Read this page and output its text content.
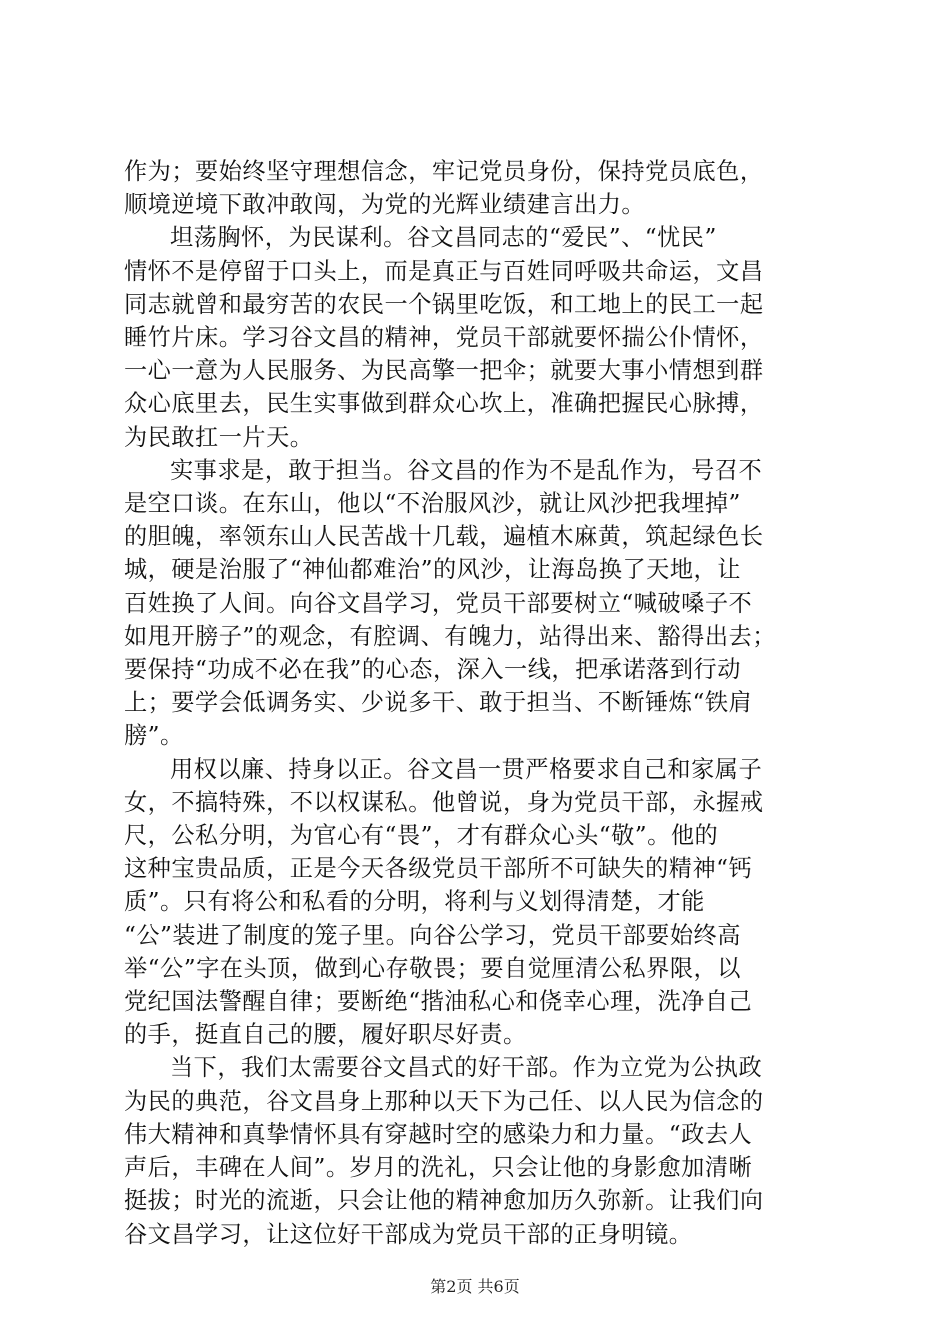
作为；要始终坚守理想信念，牢记党员身份，保持党员底色，
顺境逆境下敢冲敢闯，为党的光辉业绩建言出力。
坦荡胸怀，为民谋利。谷文昌同志的“爱民”、“忧民”
情怀不是停留于口头上，而是真正与百姓同呼吸共命运，文昌
同志就曾和最穷苦的农民一个锅里吃饭，和工地上的民工一起
睡竹片床。学习谷文昌的精神，党员干部就要怀揣公仆情怀，
一心一意为人民服务、为民高擎一把伞；就要大事小情想到群
众心底里去，民生实事做到群众心坎上，准确把握民心脉搏，
为民敢扛一片天。
实事求是，敢于担当。谷文昌的作为不是乱作为，号召不
是空口谈。在东山，他以“不治服风沙，就让风沙把我埋掉”
的胆魄，率领东山人民苦战十几载，遍植木麻黄，筑起绿色长
城，硬是治服了“神仙都难治”的风沙，让海岛换了天地，让
百姓换了人间。向谷文昌学习，党员干部要树立“喊破嗓子不
如甩开膀子”的观念，有腔调、有魄力，站得出来、豁得出去；
要保持“功成不必在我”的心态，深入一线，把承诺落到行动
上；要学会低调务实、少说多干、敢于担当、不断锤炼“铁肩
膀”。
用权以廉、持身以正。谷文昌一贯严格要求自己和家属子
女，不搞特殊，不以权谋私。他曾说，身为党员干部，永握戒
尺，公私分明，为官心有“畏”，才有群众心头“敬”。他的
这种宝贵品质，正是今天各级党员干部所不可缺失的精神“钙
质”。只有将公和私看的分明，将利与义划得清楚，才能
“公”装进了制度的笼子里。向谷公学习，党员干部要始终高
举“公”字在头顶，做到心存敬畏；要自觉厘清公私界限，以
党纪国法警醒自律；要断绝“揩油私心和侥幸心理，洗净自己
的手，挺直自己的腰，履好职尽好责。
当下，我们太需要谷文昌式的好干部。作为立党为公执政
为民的典范，谷文昌身上那种以天下为己任、以人民为信念的
伟大精神和真挚情怀具有穿越时空的感染力和力量。“政去人
声后，丰碑在人间”。岁月的洗礼，只会让他的身影愈加清晰
挺拔；时光的流逝，只会让他的精神愈加历久弥新。让我们向
谷文昌学习，让这位好干部成为党员干部的正身明镜。
第2页 共6页
